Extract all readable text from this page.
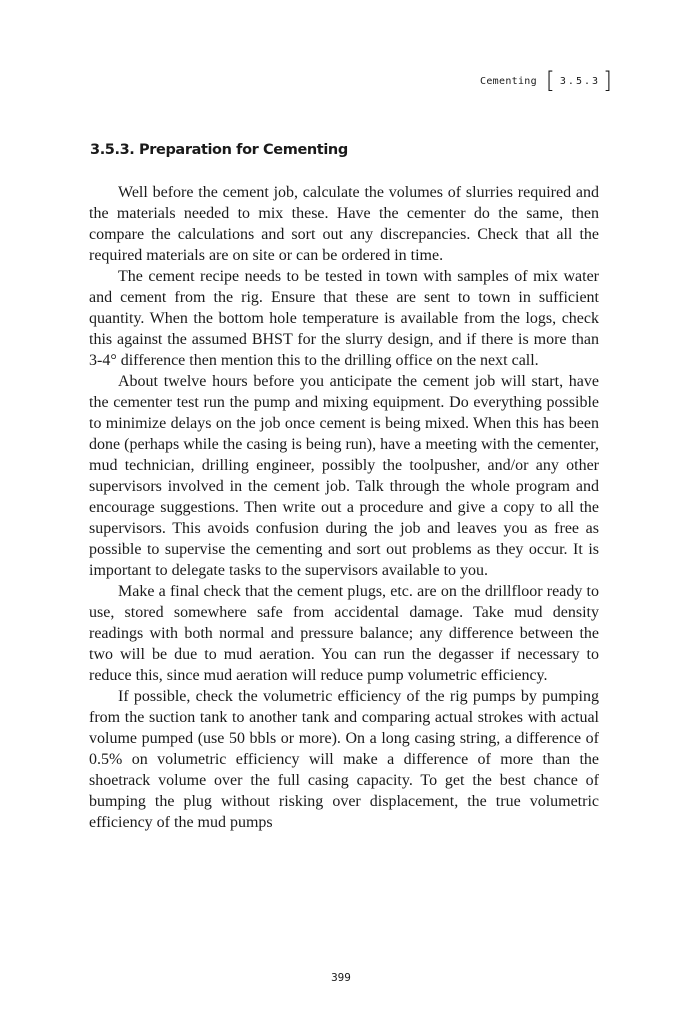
Cementing [ 3.5.3 ]
3.5.3. Preparation for Cementing

Well before the cement job, calculate the volumes of slurries required and the materials needed to mix these. Have the cementer do the same, then compare the calculations and sort out any discrepancies. Check that all the required materials are on site or can be ordered in time.

The cement recipe needs to be tested in town with samples of mix water and cement from the rig. Ensure that these are sent to town in sufficient quantity. When the bottom hole temperature is available from the logs, check this against the assumed BHST for the slurry design, and if there is more than 3-4° difference then mention this to the drilling office on the next call.

About twelve hours before you anticipate the cement job will start, have the cementer test run the pump and mixing equipment. Do everything possible to minimize delays on the job once cement is being mixed. When this has been done (perhaps while the casing is being run), have a meeting with the cementer, mud technician, drilling engineer, possibly the toolpusher, and/or any other supervisors involved in the cement job. Talk through the whole program and encourage suggestions. Then write out a procedure and give a copy to all the supervisors. This avoids confusion during the job and leaves you as free as possible to supervise the cementing and sort out problems as they occur. It is important to delegate tasks to the supervisors available to you.

Make a final check that the cement plugs, etc. are on the drillfloor ready to use, stored somewhere safe from accidental damage. Take mud density readings with both normal and pressure balance; any difference between the two will be due to mud aeration. You can run the degasser if necessary to reduce this, since mud aeration will reduce pump volumetric efficiency.

If possible, check the volumetric efficiency of the rig pumps by pumping from the suction tank to another tank and comparing actual strokes with actual volume pumped (use 50 bbls or more). On a long casing string, a difference of 0.5% on volumetric efficiency will make a difference of more than the shoetrack volume over the full casing capacity. To get the best chance of bumping the plug without risking over displacement, the true volumetric efficiency of the mud pumps

399
